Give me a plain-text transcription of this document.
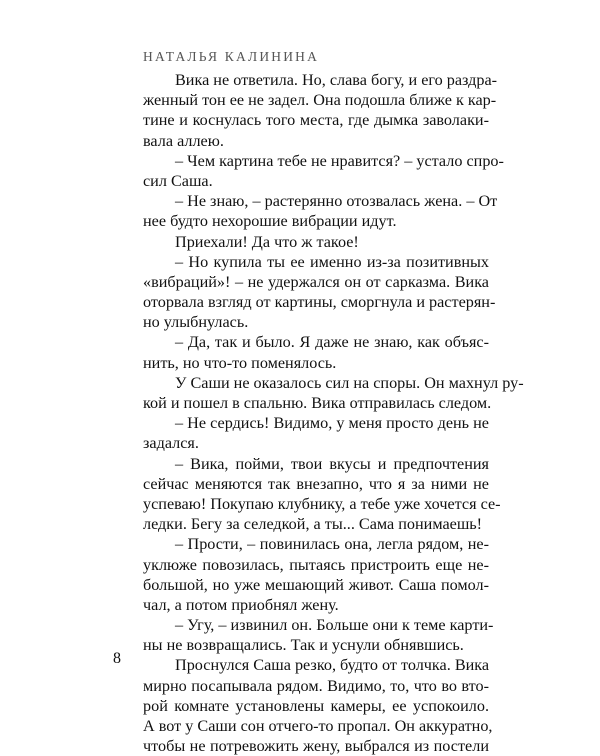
НАТАЛЬЯ КАЛИНИНА
Вика не ответила. Но, слава богу, и его раздра-
женный тон ее не задел. Она подошла ближе к кар-
тине и коснулась того места, где дымка заволаки-
вала аллею.
– Чем картина тебе не нравится? – устало спро-
сил Саша.
– Не знаю, – растерянно отозвалась жена. – От
нее будто нехорошие вибрации идут.
Приехали! Да что ж такое!
– Но купила ты ее именно из-за позитивных
«вибраций»! – не удержался он от сарказма. Вика
оторвала взгляд от картины, сморгнула и растерян-
но улыбнулась.
– Да, так и было. Я даже не знаю, как объяс-
нить, но что-то поменялось.
У Саши не оказалось сил на споры. Он махнул ру-
кой и пошел в спальню. Вика отправилась следом.
– Не сердись! Видимо, у меня просто день не
задался.
– Вика, пойми, твои вкусы и предпочтения
сейчас меняются так внезапно, что я за ними не
успеваю! Покупаю клубнику, а тебе уже хочется се-
ледки. Бегу за селедкой, а ты... Сама понимаешь!
– Прости, – повинилась она, легла рядом, не-
уклюже повозилась, пытаясь пристроить еще не-
большой, но уже мешающий живот. Саша помол-
чал, а потом приобнял жену.
– Угу, – извинил он. Больше они к теме карти-
ны не возвращались. Так и уснули обнявшись.
Проснулся Саша резко, будто от толчка. Вика
мирно посапывала рядом. Видимо, то, что во вто-
рой комнате установлены камеры, ее успокоило.
А вот у Саши сон отчего-то пропал. Он аккуратно,
чтобы не потревожить жену, выбрался из постели
8
